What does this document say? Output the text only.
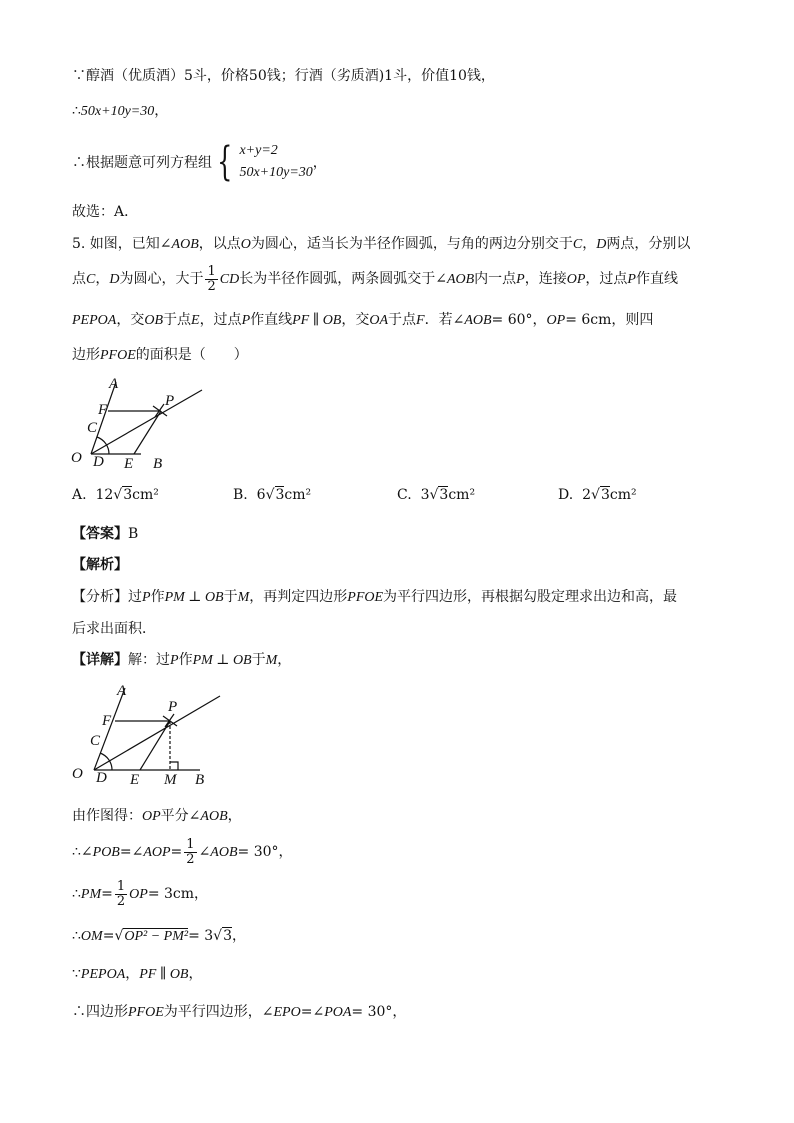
∵醇酒（优质酒）5斗，价格50钱；行酒（劣质酒)1斗，价值10钱，
∴50x+10y=30，
∴根据题意可列方程组 { x+y=2
50x+10y=30
，
故选：A．
5. 如图，已知∠AOB，以点O为圆心，适当长为半径作圆弧，与角的两边分别交于C，D两点，分别以
点C，D为圆心，大于 $\frac{1}{2}$ CD长为半径作圆弧，两条圆弧交于∠AOB内一点P，连接OP，过点P作直线
PEPOA，交OB于点E，过点P作直线PF ∥ OB，交OA于点F．若∠AOB= 60°，OP= 6cm，则四
边形PFOE的面积是（　　）
A
F
P
C
O D E B
A. 12√3cm²	B. 6√3cm²	C. 3√3cm²	D. 2√3cm²
【答案】B
【解析】
【分析】过P作PM ⊥ OB于M，再判定四边形PFOE为平行四边形，再根据勾股定理求出边和高，最
后求出面积．
【详解】解：过P作PM ⊥ OB于M，
A
F
P
C
O D E M B
由作图得：OP平分∠AOB，
∴∠POB=∠AOP= $\frac{1}{2}$ ∠AOB= 30°，
∴PM= $\frac{1}{2} OP= 3cm$，
∴OM=√OP² − PM²= 3√3，
∵PEPOA，PF ∥ OB，
∴四边形PFOE为平行四边形，∠EPO=∠POA= 30°，
